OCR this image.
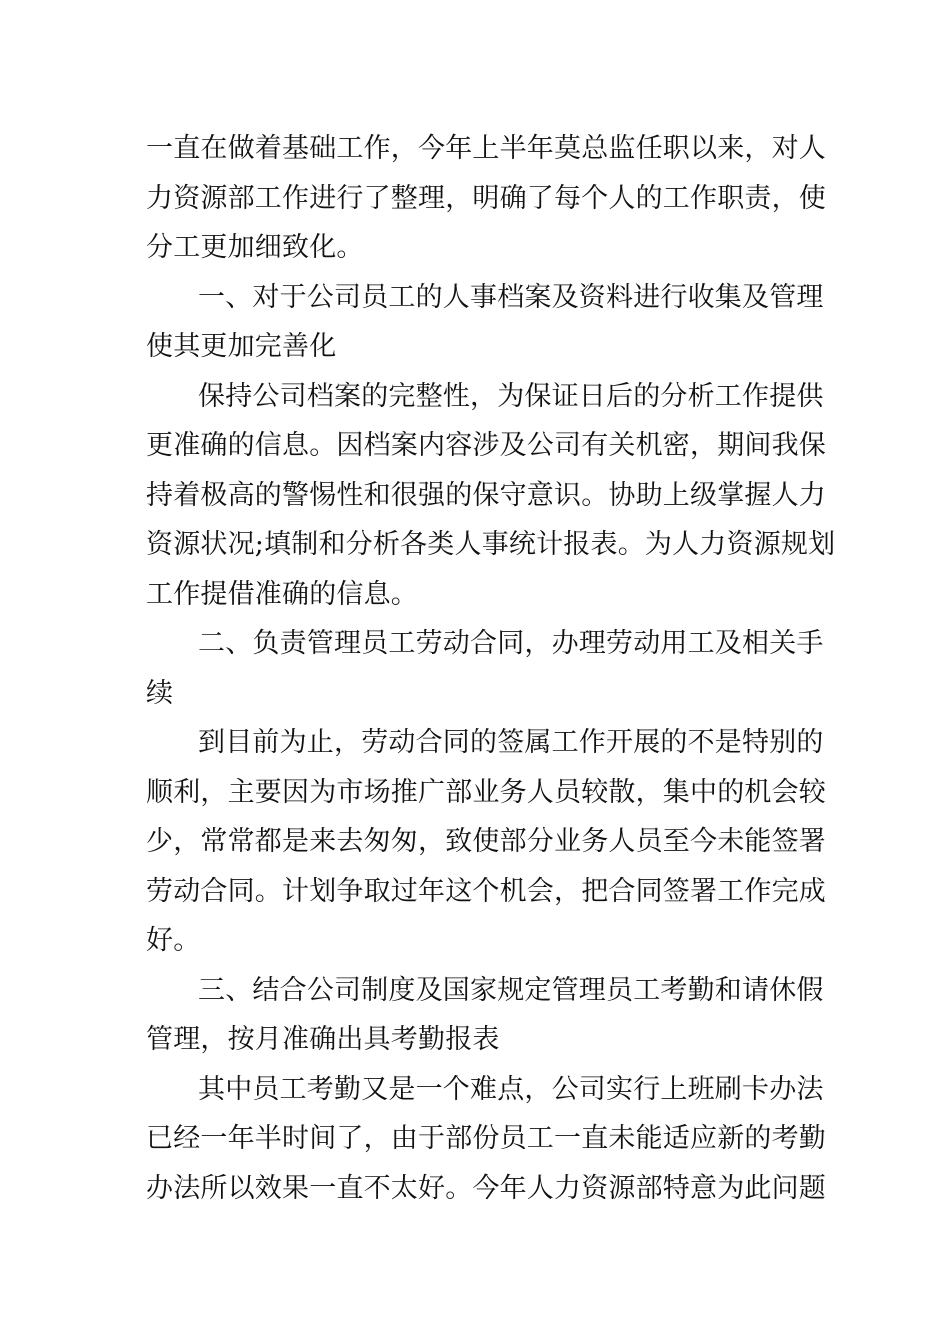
一直在做着基础工作，今年上半年莫总监任职以来，对人
力资源部工作进行了整理，明确了每个人的工作职责，使
分工更加细致化。
一、对于公司员工的人事档案及资料进行收集及管理
使其更加完善化
保持公司档案的完整性，为保证日后的分析工作提供
更准确的信息。因档案内容涉及公司有关机密，期间我保
持着极高的警惕性和很强的保守意识。协助上级掌握人力
资源状况;填制和分析各类人事统计报表。为人力资源规划
工作提借准确的信息。
二、负责管理员工劳动合同，办理劳动用工及相关手
续
到目前为止，劳动合同的签属工作开展的不是特别的
顺利，主要因为市场推广部业务人员较散，集中的机会较
少，常常都是来去匆匆，致使部分业务人员至今未能签署
劳动合同。计划争取过年这个机会，把合同签署工作完成
好。
三、结合公司制度及国家规定管理员工考勤和请休假
管理，按月准确出具考勤报表
其中员工考勤又是一个难点，公司实行上班刷卡办法
已经一年半时间了，由于部份员工一直未能适应新的考勤
办法所以效果一直不太好。今年人力资源部特意为此问题
